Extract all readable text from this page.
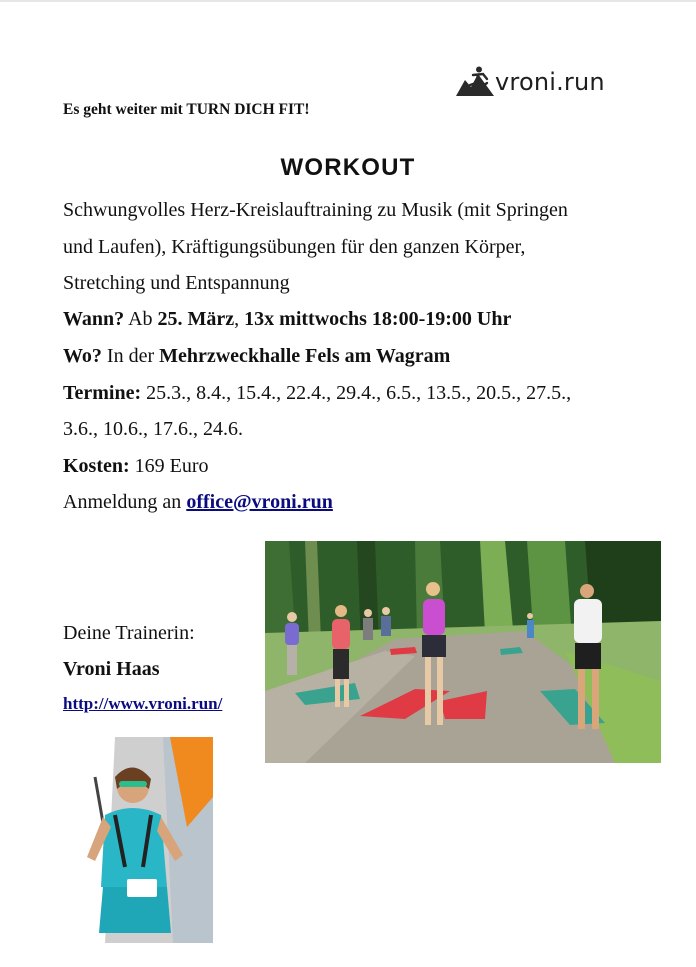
vroni.run
Es geht weiter mit TURN DICH FIT!
WORKOUT
Schwungvolles Herz-Kreislauftraining zu Musik (mit Springen
und Laufen), Kräftigungsübungen für den ganzen Körper,
Stretching und Entspannung
Wann? Ab 25. März, 13x mittwochs 18:00-19:00 Uhr
Wo? In der Mehrzweckhalle Fels am Wagram
Termine: 25.3., 8.4., 15.4., 22.4., 29.4., 6.5., 13.5., 20.5., 27.5.,
3.6., 10.6., 17.6., 24.6.
Kosten: 169 Euro
Anmeldung an office@vroni.run
Deine Trainerin:
Vroni Haas
http://www.vroni.run/
